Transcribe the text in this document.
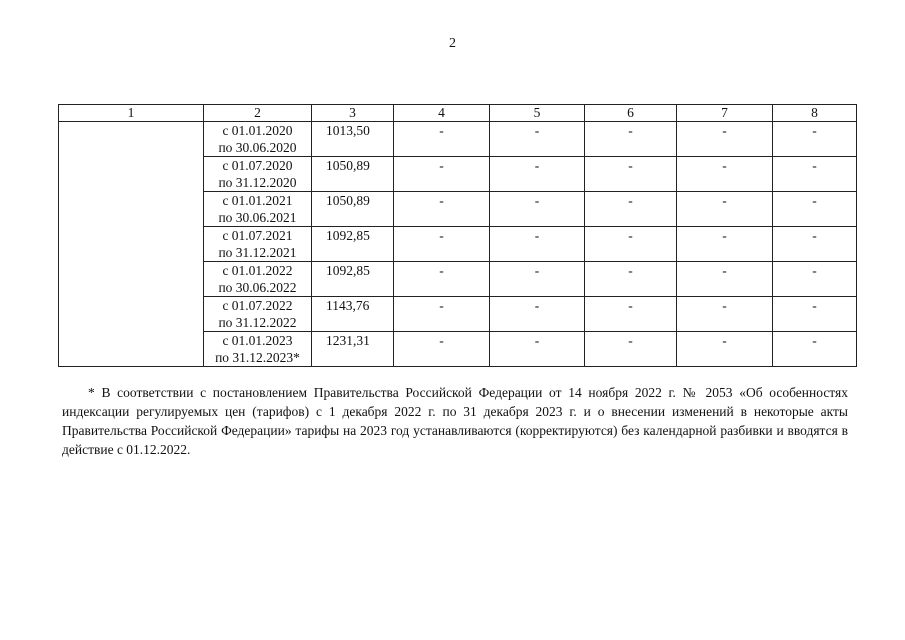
2
1	2	3	4	5	6	7	8

	с 01.01.2020
по 30.06.2020	1013,50	-	-	-	-	-

	с 01.07.2020
по 31.12.2020	1050,89	-	-	-	-	-

	с 01.01.2021
по 30.06.2021	1050,89	-	-	-	-	-

	с 01.07.2021
по 31.12.2021	1092,85	-	-	-	-	-

	с 01.01.2022
по 30.06.2022	1092,85	-	-	-	-	-

	с 01.07.2022
по 31.12.2022	1143,76	-	-	-	-	-

	с 01.01.2023
по 31.12.2023*	1231,31	-	-	-	-	-

* В соответствии с постановлением Правительства Российской Федерации от 14 ноября 2022 г. № 2053 «Об особенностях индексации регулируемых цен (тарифов) с 1 декабря 2022 г. по 31 декабря 2023 г. и о внесении изменений в некоторые акты Правительства Российской Федерации» тарифы на 2023 год устанавливаются (корректируются) без календарной разбивки и вводятся в действие с 01.12.2022.
